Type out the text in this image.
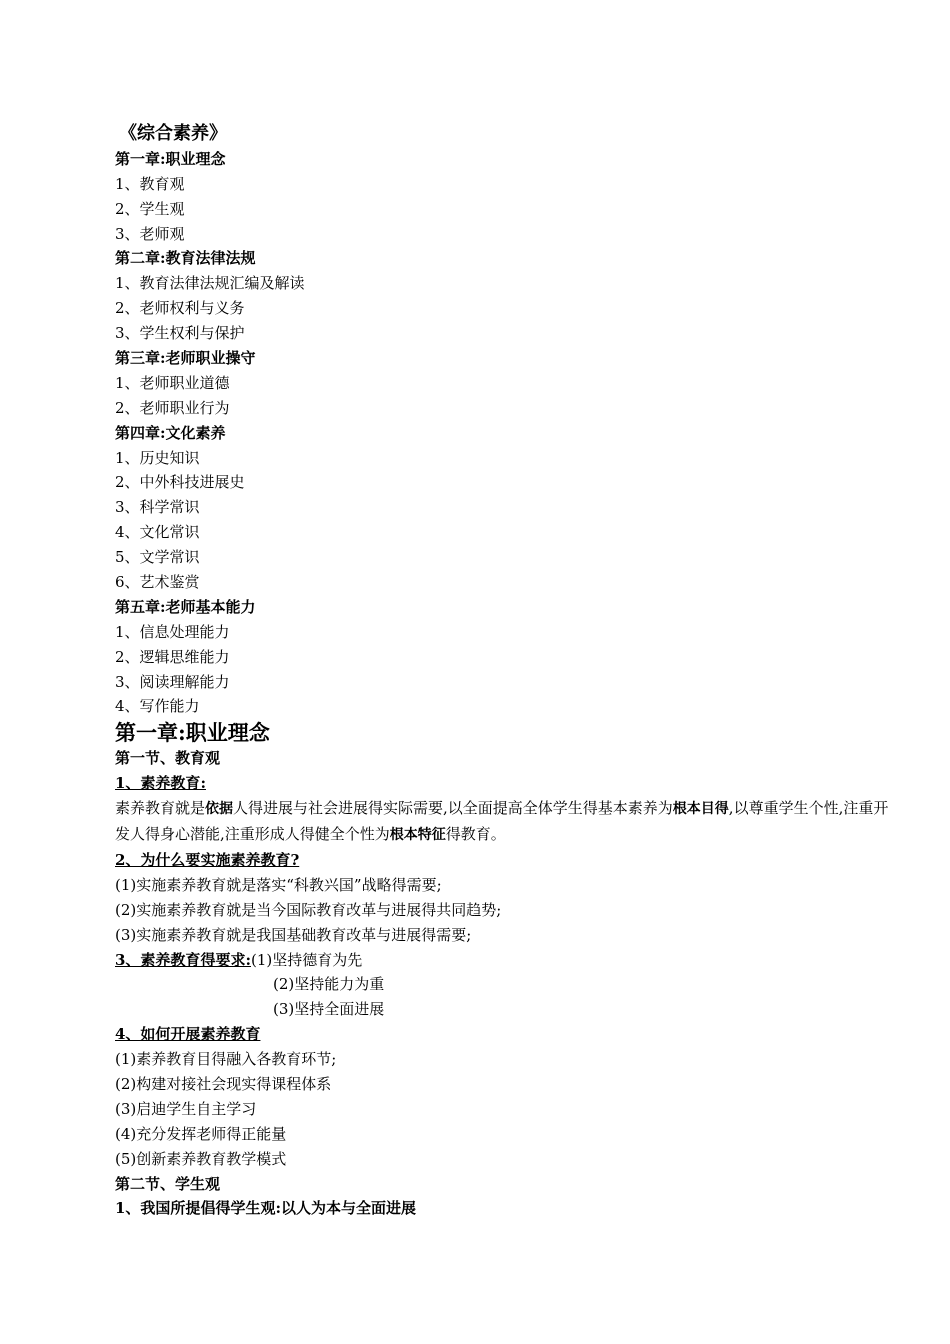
《综合素养》
第一章:职业理念
1、教育观
2、学生观
3、老师观
第二章:教育法律法规
1、教育法律法规汇编及解读
2、老师权利与义务
3、学生权利与保护
第三章:老师职业操守
1、老师职业道德
2、老师职业行为
第四章:文化素养
1、历史知识
2、中外科技进展史
3、科学常识
4、文化常识
5、文学常识
6、艺术鉴赏
第五章:老师基本能力
1、信息处理能力
2、逻辑思维能力
3、阅读理解能力
4、写作能力
第一章:职业理念
第一节、教育观
1、素养教育:
素养教育就是依据人得进展与社会进展得实际需要,以全面提高全体学生得基本素养为根本目得,以尊重学生个性,注重开发人得身心潜能,注重形成人得健全个性为根本特征得教育。
2、为什么要实施素养教育?
(1)实施素养教育就是落实“科教兴国”战略得需要;
(2)实施素养教育就是当今国际教育改革与进展得共同趋势;
(3)实施素养教育就是我国基础教育改革与进展得需要;
3、素养教育得要求:(1)坚持德育为先
(2)坚持能力为重
(3)坚持全面进展
4、如何开展素养教育
(1)素养教育目得融入各教育环节;
(2)构建对接社会现实得课程体系
(3)启迪学生自主学习
(4)充分发挥老师得正能量
(5)创新素养教育教学模式
第二节、学生观
1、我国所提倡得学生观:以人为本与全面进展
